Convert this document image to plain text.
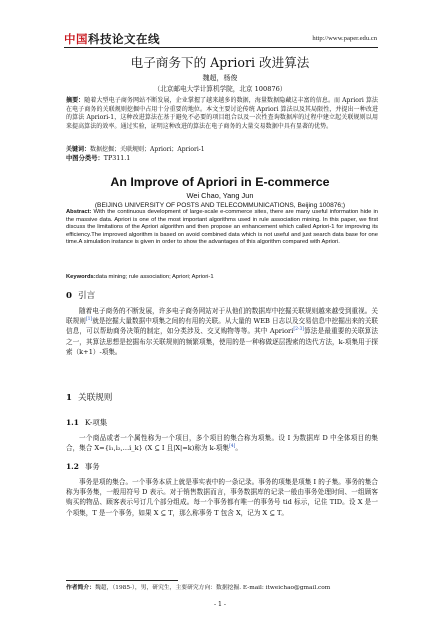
中国科技论文在线	http://www.paper.edu.cn
电子商务下的 Apriori 改进算法
魏超，杨俊
（北京邮电大学计算机学院，北京 100876）
摘要：随着大型电子商务网站不断发展，企业掌握了越来越多的数据，海量数据隐藏这丰富的信息。而 Apriori 算法在电子商务的关联规则挖掘中占用十分重要的地位。本文主要讨论传统 Apriori 算法以及其局限性，并提出一种改进的算法 Apriori-1，这种改进算法在基于避免不必要的项目组合以及一次性查询数据库的过程中建立起关联规则以用来提高算法的效率。通过实验，证明这种改进的算法在电子商务的大量交易数据中具有显著的优势。
关键词：数据挖掘；关联规则；Apriori；Apriori-1
中图分类号：TP311.1
An Improve of Apriori in E-commerce
Wei Chao, Yang Jun
(BEIJING UNIVERSITY OF POSTS AND TELECOMMUNICATIONS, Beijing 100876;)
Abstract: With the continuous development of large-scale e-commerce sites, there are many useful information hide in the massive data. Apriori is one of the most important algorithms used in rule association mining. In this paper, we first discuss the limitations of the Apriori algorithm and then propose an enhancement which called Apriori-1 for improving its efficiency.The improved algorithm is based on avoid combined data which is not useful and just search data base for one time.A simulation instance is given in order to show the advantages of this algorithm compared with Apriori.
Keywords:data mining; rule association; Apriori; Apriori-1
0 引言
随着电子商务的不断发展，许多电子商务网站对于从他们的数据库中挖掘关联规则越来越受到重视。关联规则[1]就是挖掘大量数据中项集之间的有用的关联。从大量的 WEB 日志以及交易信息中挖掘出来的关联信息，可以帮助商务决策的制定，如分类涉及、交叉购物等等。其中 Apriori[2-3]算法是最重要的关联算法之一，其算法思想是挖掘布尔关联规则的频繁项集，使用的是一种称做逐层搜索的迭代方法，k-项集用于探索（k+1）-项集。
1 关联规则
1.1 K-项集
一个商品或者一个属性称为一个项目，多个项目的集合称为项集。设 I 为数据库 D 中全体项目的集合，集合 X={i₁,i₂,…i_k} (X ⊆ I 且|X|=k)称为 k-项集[4]。
1.2 事务
事务是项的集合。一个事务本质上就是事实表中的一条记录。事务的项集是项集 I 的子集。事务的集合称为事务集，一般用符号 D 表示。对于销售数据而言，事务数据库的记录一般由事务处理时间、一组顾客购买的物品、顾客表示号订几个部分组成。每一个事务都有唯一的事务号 tid 标示，记住 TID。设 X 是一个项集，T 是一个事务，如果 X ⊆ T，那么称事务 T 包含 X，记为 X ⊆ T。
作者简介：魏超，（1985-），男，研究生，主要研究方向：数据挖掘. E-mail: itweichao@gmail.com
- 1 -
